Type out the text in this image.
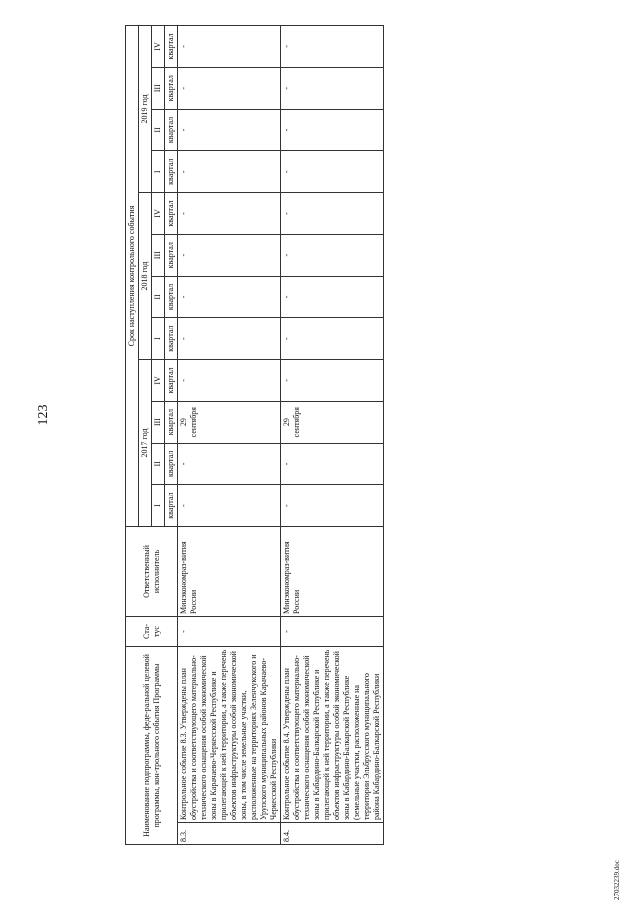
123
27032239.doc
Наименование подпрограммы, феде-ральной целевой программы, кон-трольного события Программы		Ста-тус	Ответственный исполнитель	Срок наступления контрольного события											
				2017 год				2018 год				2019 год			
				I	II	III	IV	I	II	III	IV	I	II	III	IV
				квартал	квартал	квартал	квартал	квартал	квартал	квартал	квартал	квартал	квартал	квартал	квартал
8.3.	Контрольное событие 8.3. Утверждены план обустройства и соответствующего материально-технического оснащения особой экономической зоны в Карачаево-Черкесской Республике и прилегающей к ней территории, а также перечень объектов инфраструктуры особой экономической зоны, в том числе земельные участки, расположенные на территориях Зеленчукского и Урупского муниципальных районов Карачаево-Черкесской Республики	-	Минэкономраз-вития России	-	-	29 сентября	-	-	-	-	-	-	-	-	-
8.4.	Контрольное событие 8.4. Утверждены план обустройства и соответствующего материально-технического оснащения особой экономической зоны в Кабардино-Балкарской Республике и прилегающей к ней территории, а также перечень объектов инфраструктуры особой экономической зоны в Кабардино-Балкарской Республике (земельные участки, расположенные на территории Эльбрусского муниципального района Кабардино-Балкарской Республики	-	Минэкономраз-вития России	-	-	29 сентября	-	-	-	-	-	-	-	-	-
